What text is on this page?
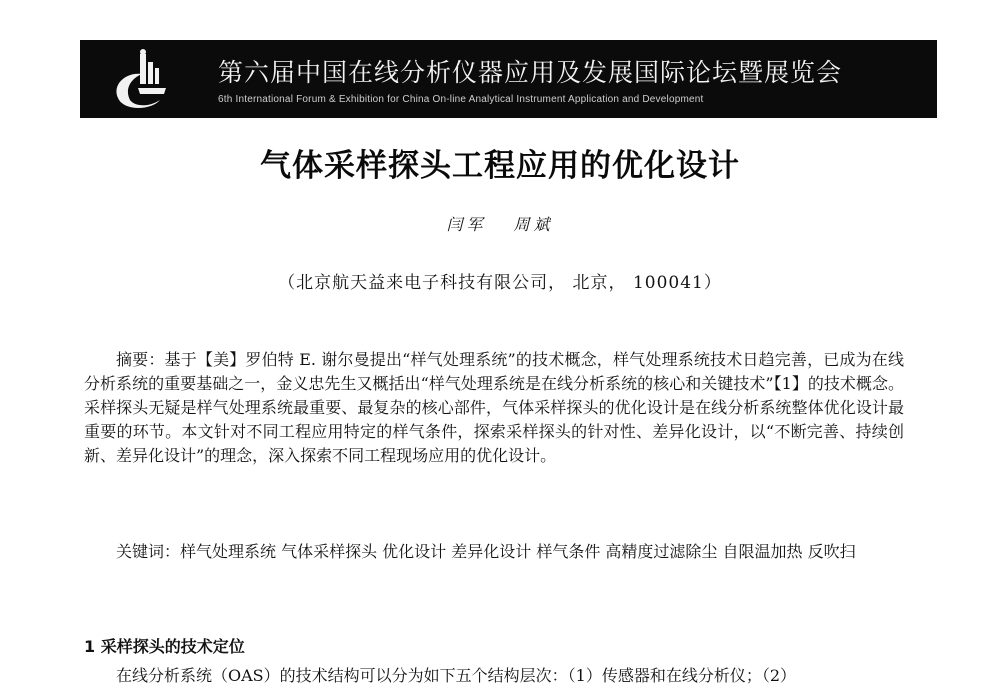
第六届中国在线分析仪器应用及发展国际论坛暨展览会
6th International Forum & Exhibition for China On-line Analytical Instrument Application and Development
气体采样探头工程应用的优化设计
闫军 周斌
（北京航天益来电子科技有限公司， 北京， 100041）

摘要：基于【美】罗伯特 E. 谢尔曼提出“样气处理系统”的技术概念，样气处理系统技术日趋完善，已成为在线分析系统的重要基础之一，金义忠先生又概括出“样气处理系统是在线分析系统的核心和关键技术”【1】的技术概念。采样探头无疑是样气处理系统最重要、最复杂的核心部件，气体采样探头的优化设计是在线分析系统整体优化设计最重要的环节。本文针对不同工程应用特定的样气条件，探索采样探头的针对性、差异化设计，以“不断完善、持续创新、差异化设计”的理念，深入探索不同工程现场应用的优化设计。

关键词：样气处理系统 气体采样探头 优化设计 差异化设计 样气条件 高精度过滤除尘 自限温加热 反吹扫

1 采样探头的技术定位

在线分析系统（OAS）的技术结构可以分为如下五个结构层次：（1）传感器和在线分析仪；（2）
